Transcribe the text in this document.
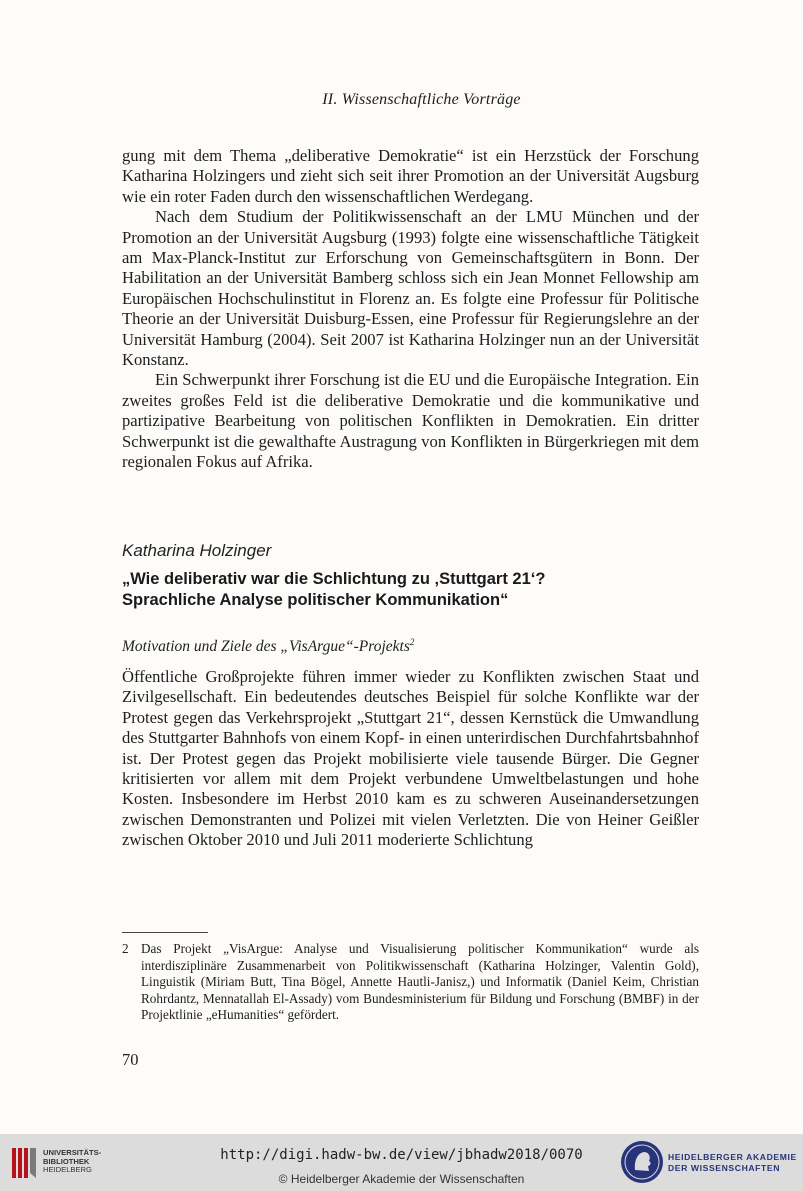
II. Wissenschaftliche Vorträge

gung mit dem Thema „deliberative Demokratie“ ist ein Herzstück der Forschung Katharina Holzingers und zieht sich seit ihrer Promotion an der Universität Augsburg wie ein roter Faden durch den wissenschaftlichen Werdegang.

Nach dem Studium der Politikwissenschaft an der LMU München und der Promotion an der Universität Augsburg (1993) folgte eine wissenschaftliche Tätigkeit am Max-Planck-Institut zur Erforschung von Gemeinschaftsgütern in Bonn. Der Habilitation an der Universität Bamberg schloss sich ein Jean Monnet Fellowship am Europäischen Hochschulinstitut in Florenz an. Es folgte eine Professur für Politische Theorie an der Universität Duisburg-Essen, eine Professur für Regierungslehre an der Universität Hamburg (2004). Seit 2007 ist Katharina Holzinger nun an der Universität Konstanz.

Ein Schwerpunkt ihrer Forschung ist die EU und die Europäische Integration. Ein zweites großes Feld ist die deliberative Demokratie und die kommunikative und partizipative Bearbeitung von politischen Konflikten in Demokratien. Ein dritter Schwerpunkt ist die gewalthafte Austragung von Konflikten in Bürgerkriegen mit dem regionalen Fokus auf Afrika.

Katharina Holzinger
„Wie deliberativ war die Schlichtung zu ‚Stuttgart 21‘?
Sprachliche Analyse politischer Kommunikation“
Motivation und Ziele des „VisArgue“-Projekts$^2$

Öffentliche Großprojekte führen immer wieder zu Konflikten zwischen Staat und Zivilgesellschaft. Ein bedeutendes deutsches Beispiel für solche Konflikte war der Protest gegen das Verkehrsprojekt „Stuttgart 21“, dessen Kernstück die Umwandlung des Stuttgarter Bahnhofs von einem Kopf- in einen unterirdischen Durchfahrtsbahnhof ist. Der Protest gegen das Projekt mobilisierte viele tausende Bürger. Die Gegner kritisierten vor allem mit dem Projekt verbundene Umweltbelastungen und hohe Kosten. Insbesondere im Herbst 2010 kam es zu schweren Auseinandersetzungen zwischen Demonstranten und Polizei mit vielen Verletzten. Die von Heiner Geißler zwischen Oktober 2010 und Juli 2011 moderierte Schlichtung

2 Das Projekt „VisArgue: Analyse und Visualisierung politischer Kommunikation“ wurde als interdisziplinäre Zusammenarbeit von Politikwissenschaft (Katharina Holzinger, Valentin Gold), Linguistik (Miriam Butt, Tina Bögel, Annette Hautli-Janisz,) und Informatik (Daniel Keim, Christian Rohrdantz, Mennatallah El-Assady) vom Bundesministerium für Bildung und Forschung (BMBF) in der Projektlinie „eHumanities“ gefördert.
70
UNIVERSITÄTS-
BIBLIOTHEK
HEIDELBERG
http://digi.hadw-bw.de/view/jbhadw2018/0070
© Heidelberger Akademie der Wissenschaften
HEIDELBERGER AKADEMIE
DER WISSENSCHAFTEN
